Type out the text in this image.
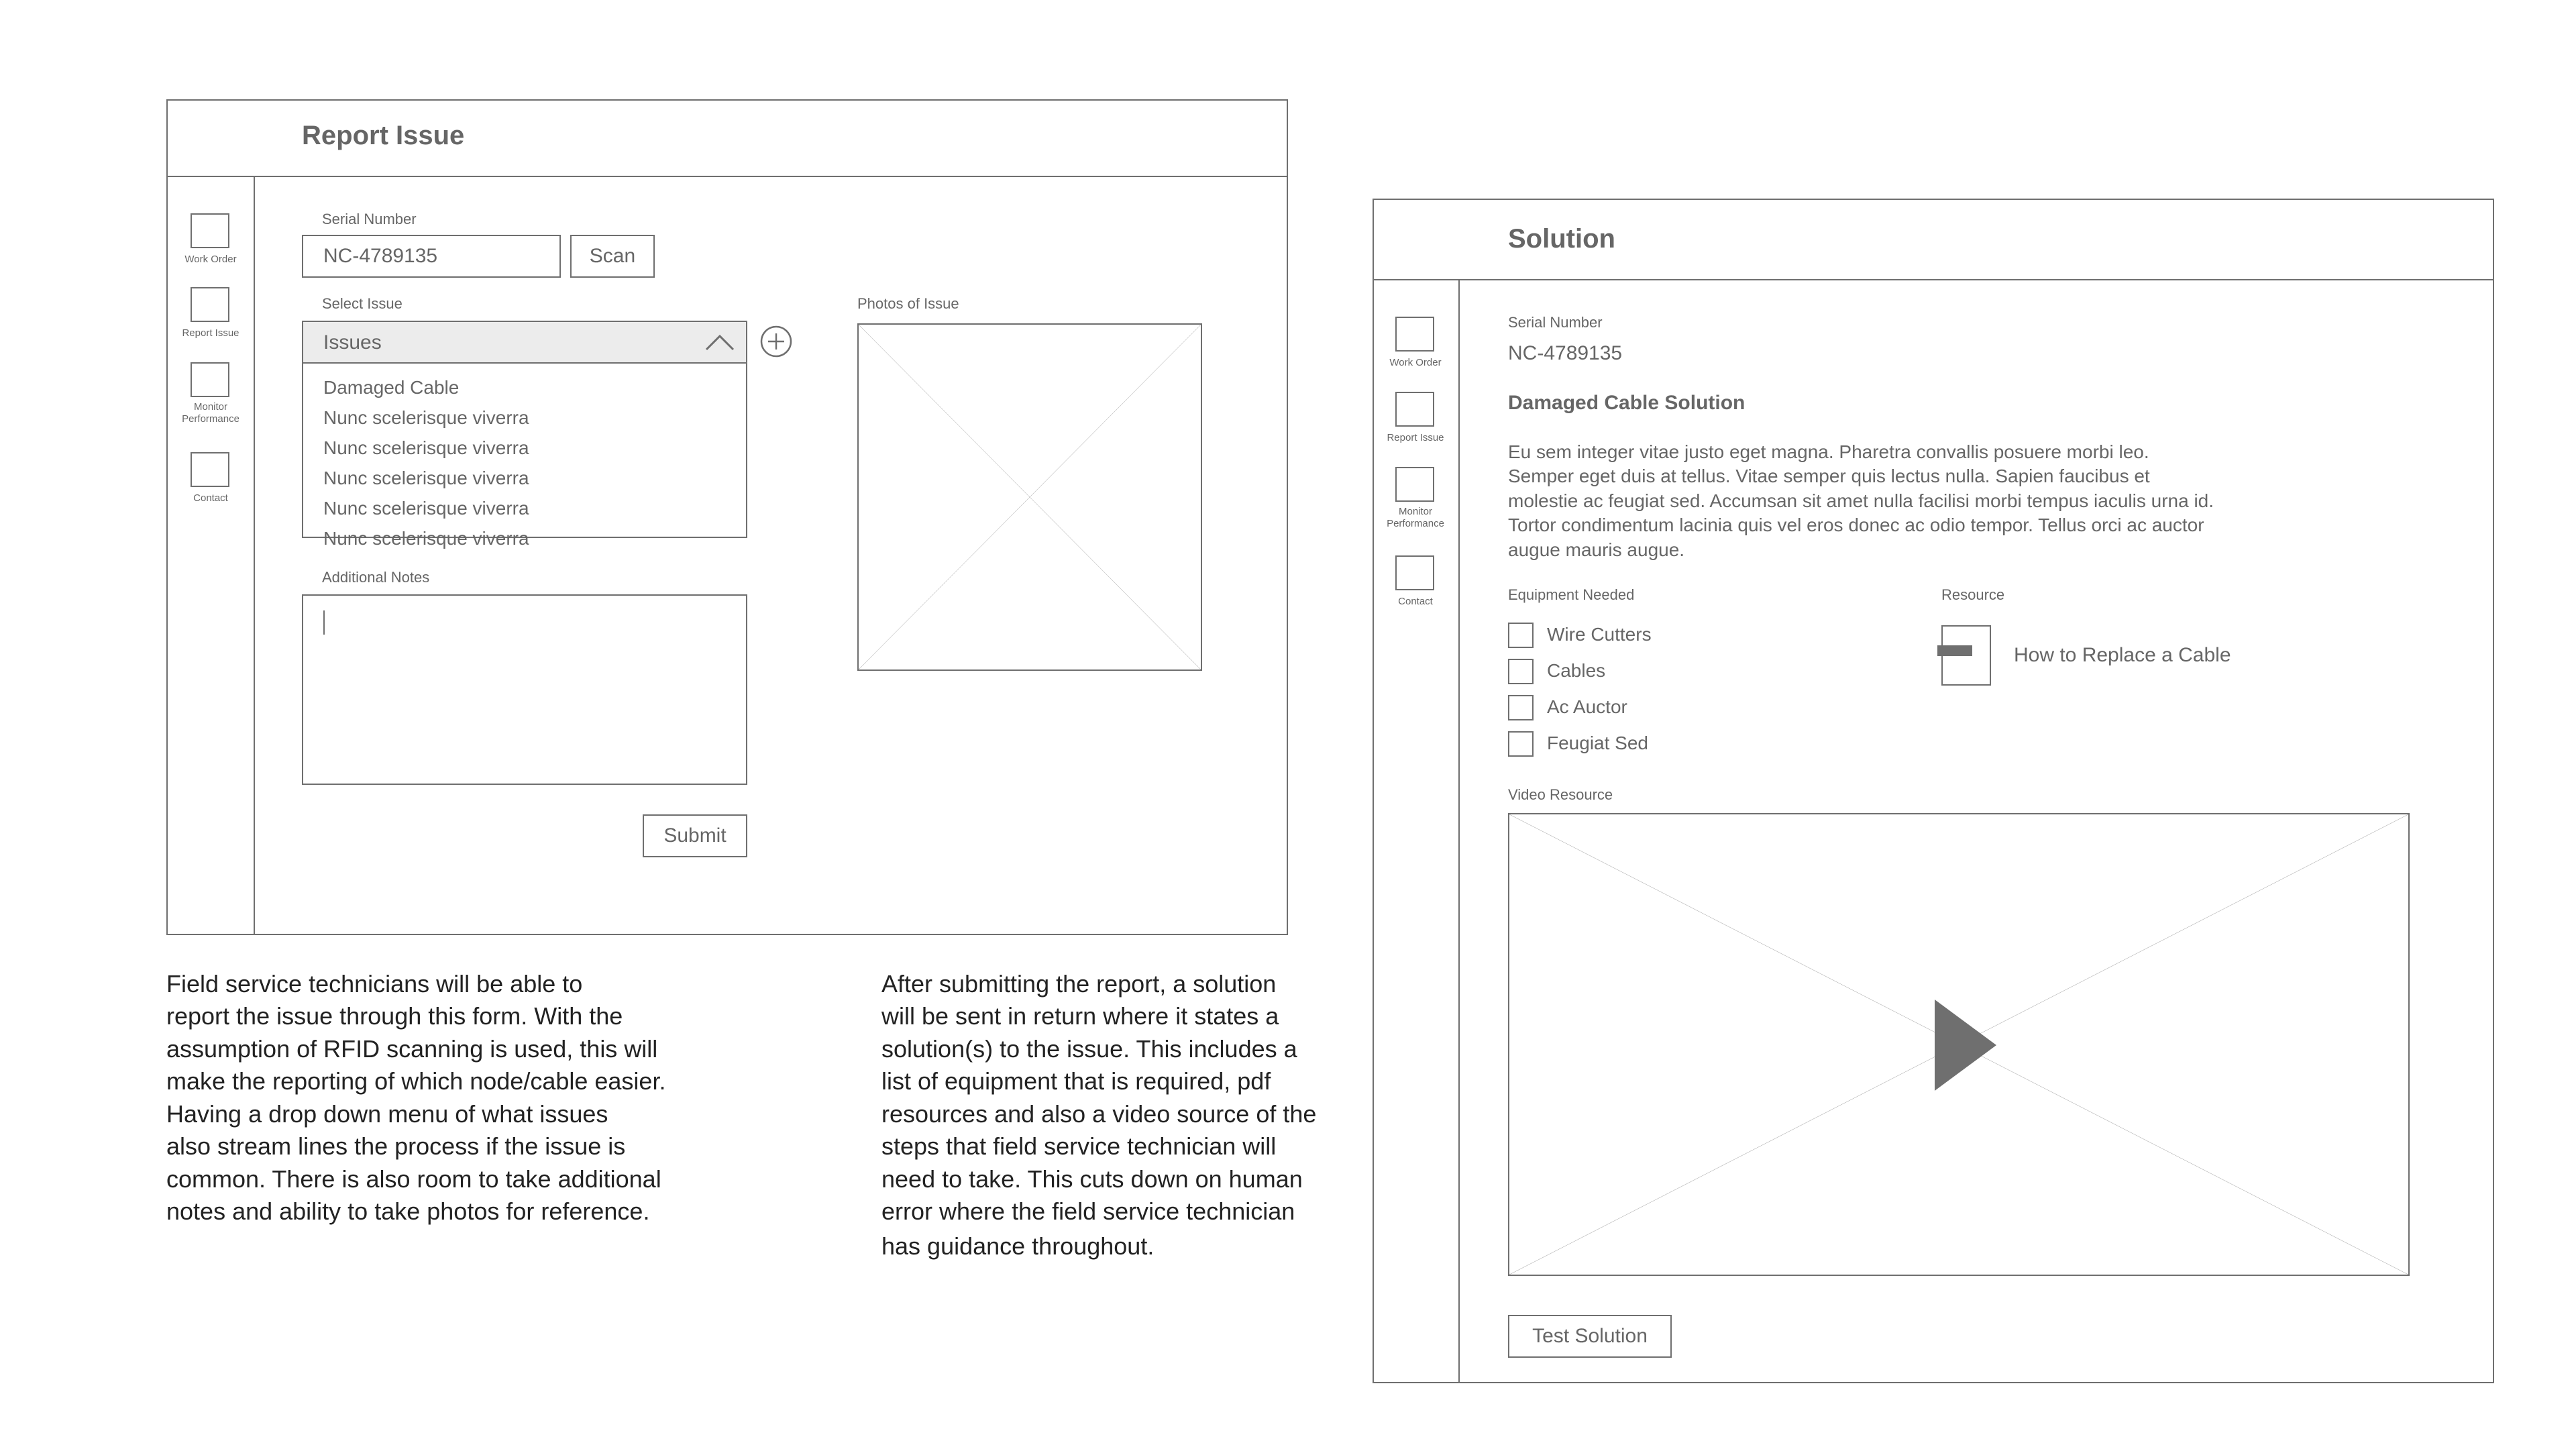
Report Issue
Work Order
Report Issue
Monitor Performance
Contact
Serial Number
NC-4789135	Scan
Select Issue
Issues
Damaged Cable
Nunc scelerisque viverra
Nunc scelerisque viverra
Nunc scelerisque viverra
Nunc scelerisque viverra
Nunc scelerisque viverra
Photos of Issue
Additional Notes
Submit
Field service technicians will be able to
report the issue through this form. With the
assumption of RFID scanning is used, this will
make the reporting of which node/cable easier.
Having a drop down menu of what issues
also stream lines the process if the issue is
common. There is also room to take additional
notes and ability to take photos for reference.
After submitting the report, a solution
will be sent in return where it states a
solution(s) to the issue. This includes a
list of equipment that is required, pdf
resources and also a video source of the
steps that field service technician will
need to take. This cuts down on human
error where the field service technician
has guidance throughout.
Solution
Work Order
Report Issue
Monitor Performance
Contact
Serial Number
NC-4789135
Damaged Cable Solution
Eu sem integer vitae justo eget magna. Pharetra convallis posuere morbi leo.
Semper eget duis at tellus. Vitae semper quis lectus nulla. Sapien faucibus et
molestie ac feugiat sed. Accumsan sit amet nulla facilisi morbi tempus iaculis urna id.
Tortor condimentum lacinia quis vel eros donec ac odio tempor. Tellus orci ac auctor
augue mauris augue.
Equipment Needed
Wire Cutters
Cables
Ac Auctor
Feugiat Sed
Resource
How to Replace a Cable
Video Resource
Test Solution
